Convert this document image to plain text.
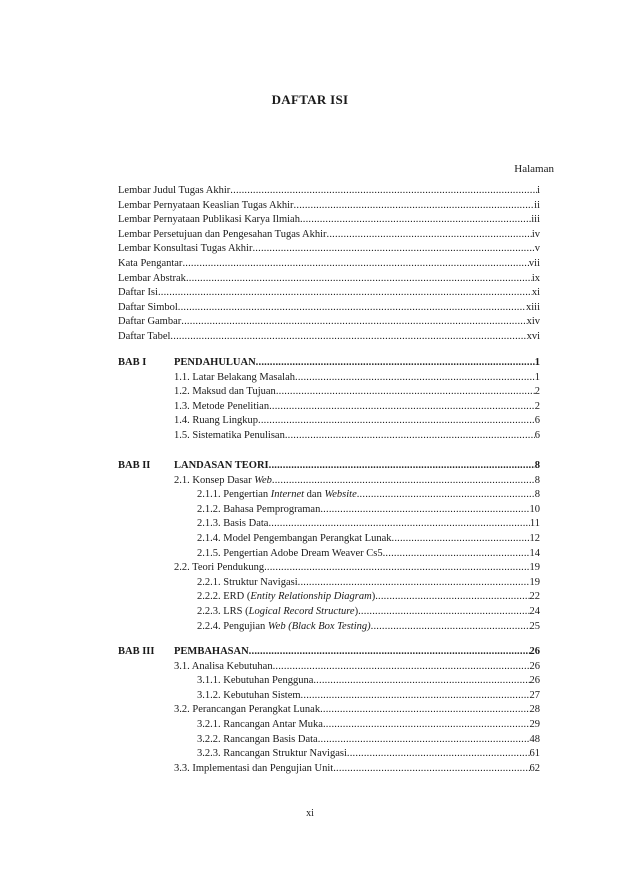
DAFTAR ISI
Halaman
Lembar Judul Tugas Akhir .....	i
Lembar Pernyataan Keaslian Tugas Akhir .....	ii
Lembar Pernyataan Publikasi Karya Ilmiah .....	iii
Lembar Persetujuan dan Pengesahan Tugas Akhir .....	iv
Lembar Konsultasi Tugas Akhir .....	v
Kata Pengantar .....	vii
Lembar Abstrak .....	ix
Daftar Isi .....	xi
Daftar Simbol .....	xiii
Daftar Gambar .....	xiv
Daftar Tabel .....	xvi
BAB I	PENDAHULUAN .....	1
1.1. Latar Belakang Masalah .....	1
1.2. Maksud dan Tujuan .....	2
1.3. Metode Penelitian .....	2
1.4. Ruang Lingkup .....	6
1.5. Sistematika Penulisan .....	6
BAB II LANDASAN TEORI .....	8
2.1. Konsep Dasar Web .....	8
2.1.1. Pengertian Internet dan Website .....	8
2.1.2. Bahasa Pemprograman .....	10
2.1.3. Basis Data .....	11
2.1.4. Model Pengembangan Perangkat Lunak .....	12
2.1.5. Pengertian Adobe Dream Weaver Cs5 .....	14
2.2. Teori Pendukung .....	19
2.2.1. Struktur Navigasi .....	19
2.2.2. ERD (Entity Relationship Diagram) .....	22
2.2.3. LRS (Logical Record Structure) .....	24
2.2.4. Pengujian Web (Black Box Testing) .....	25
BAB III PEMBAHASAN .....	26
3.1. Analisa Kebutuhan .....	26
3.1.1. Kebutuhan Pengguna .....	26
3.1.2. Kebutuhan Sistem .....	27
3.2. Perancangan Perangkat Lunak .....	28
3.2.1. Rancangan Antar Muka .....	29
3.2.2. Rancangan Basis Data .....	48
3.2.3. Rancangan Struktur Navigasi .....	61
3.3. Implementasi dan Pengujian Unit .....	62
xi
